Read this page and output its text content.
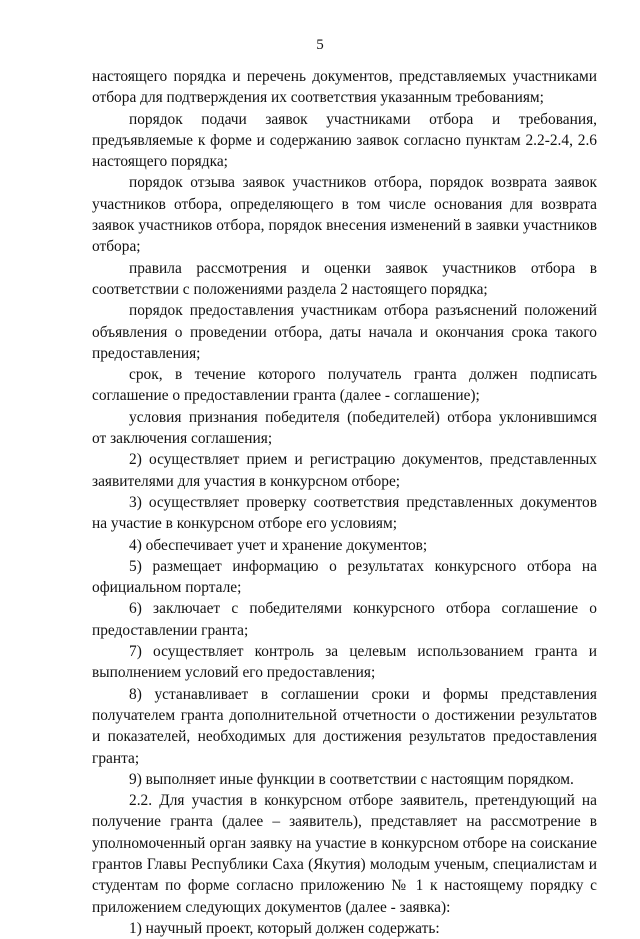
5

настоящего порядка и перечень документов, представляемых участниками отбора для подтверждения их соответствия указанным требованиям;

порядок подачи заявок участниками отбора и требования, предъявляемые к форме и содержанию заявок согласно пунктам 2.2-2.4, 2.6 настоящего порядка;

порядок отзыва заявок участников отбора, порядок возврата заявок участников отбора, определяющего в том числе основания для возврата заявок участников отбора, порядок внесения изменений в заявки участников отбора;

правила рассмотрения и оценки заявок участников отбора в соответствии с положениями раздела 2 настоящего порядка;

порядок предоставления участникам отбора разъяснений положений объявления о проведении отбора, даты начала и окончания срока такого предоставления;

срок, в течение которого получатель гранта должен подписать соглашение о предоставлении гранта (далее - соглашение);

условия признания победителя (победителей) отбора уклонившимся от заключения соглашения;

2) осуществляет прием и регистрацию документов, представленных заявителями для участия в конкурсном отборе;

3) осуществляет проверку соответствия представленных документов на участие в конкурсном отборе его условиям;

4) обеспечивает учет и хранение документов;

5) размещает информацию о результатах конкурсного отбора на официальном портале;

6) заключает с победителями конкурсного отбора соглашение о предоставлении гранта;

7) осуществляет контроль за целевым использованием гранта и выполнением условий его предоставления;

8) устанавливает в соглашении сроки и формы представления получателем гранта дополнительной отчетности о достижении результатов и показателей, необходимых для достижения результатов предоставления гранта;

9) выполняет иные функции в соответствии с настоящим порядком.

2.2. Для участия в конкурсном отборе заявитель, претендующий на получение гранта (далее – заявитель), представляет на рассмотрение в уполномоченный орган заявку на участие в конкурсном отборе на соискание грантов Главы Республики Саха (Якутия) молодым ученым, специалистам и студентам по форме согласно приложению № 1 к настоящему порядку с приложением следующих документов (далее - заявка):

1) научный проект, который должен содержать:
